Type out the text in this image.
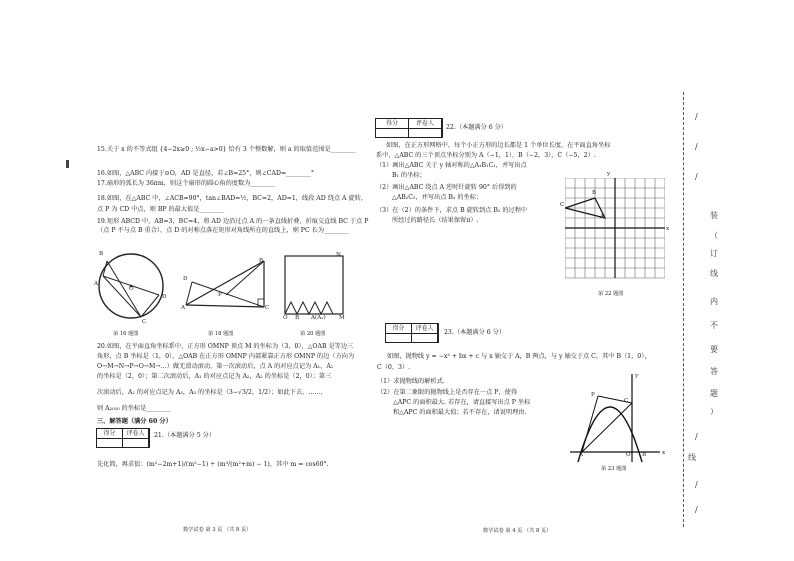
15.关于 x 的不等式组 {4−2x≥0 ; ½x−a>0} 恰有 3 个整数解，则 a 的取值范围是________
16.如图，△ABC 内接于⊙O，AD 是直径，若∠B=25°，则∠CAD=________°
17.扇形的弧长为 36πm，则这个扇形的圆心角的度数为________
18.如图，在△ABC 中，∠ACB=90°，tan∠BAD=½，BC=2，AD=1，线段 AD 绕点 A 旋转，
点 P 为 CD 中点，则 BP 的最大值是________
19.矩形 ABCD 中，AB=3，BC=4，将 AD 边沿过点 A 的一条直线折叠，折痕交直线 BC 于点 P
（点 P 不与点 B 重合），点 D 的对称点落在矩形对角线所在的直线上，则 PC 长为________
B
A
O
D
C
第 16 题图
D
A
P
B
C
第 18 题图
N
O B A(A₁) M
第 20 题图
20.如图，在平面直角坐标系中，正方形 OMNP 顶点 M 的坐标为（3，0），△OAB 是等边三
角形，点 B 坐标是（1，0），△OAB 在正方形 OMNP 内部紧靠正方形 OMNP 的边（方向为
O→M→N→P→O→M→…）做无滑动滚动，第一次滚动后，点 A 的对应点记为 A₁，A₁
的坐标是（2，0）；第二次滚动后，A₁ 的对应点记为 A₂，A₂ 的坐标是（2，0）；第三
次滚动后，A₂ 的对应点记为 A₃，A₃ 的坐标是（3−√3/2，1/2）；如此下去，……，
则 A₂₀₂₀ 的坐标是________
三、解答题（满分 60 分）
得分	评卷人	21.（本题满分 5 分）
先化简，再求值：(m²−2m+1)/(m²−1) ÷ (m³/(m²+m) − 1)，其中 m = cos60°.
数学试卷 第 3 页 （共 8 页）
得分	评卷人
22.（本题满分 6 分）
如图，在正方形网格中，每个小正方形的边长都是 1 个单位长度，在平面直角坐标
系中，△ABC 的三个顶点坐标分别为 A（−1，1），B（−2，3），C（−5，2）.
（1）画出△ABC 关于 y 轴对称的△A₁B₁C₁，并写出点
B₁ 的坐标；
（2）画出△ABC 绕点 A 逆时针旋转 90° 后得到的
△AB₂C₂，并写出点 B₂ 的坐标；
（3）在（2）的条件下，求点 B 旋转到点 B₂ 的过程中
所经过的路径长（结果保留π）.
y
x
B
C
A
第 22 题图
得分	评卷人
23.（本题满分 6 分）
如图，抛物线 y = −x² + bx + c 与 x 轴交于 A，B 两点，与 y 轴交于点 C，其中 B（1，0），
C（0，3）.
（1）求抛物线的解析式.
（2）在第二象限的抛物线上是否存在一点 P，使得
△APC 的面积最大. 若存在，请直接写出点 P 坐标
和△APC 的面积最大值；若不存在，请说明理由.
y
x
P
C
A	O B
第 23 题图
数学试卷 第 4 页 （共 8 页）
装
（
订
线
内
不
要
答
题
）
线
/
/
/
/
/
/
